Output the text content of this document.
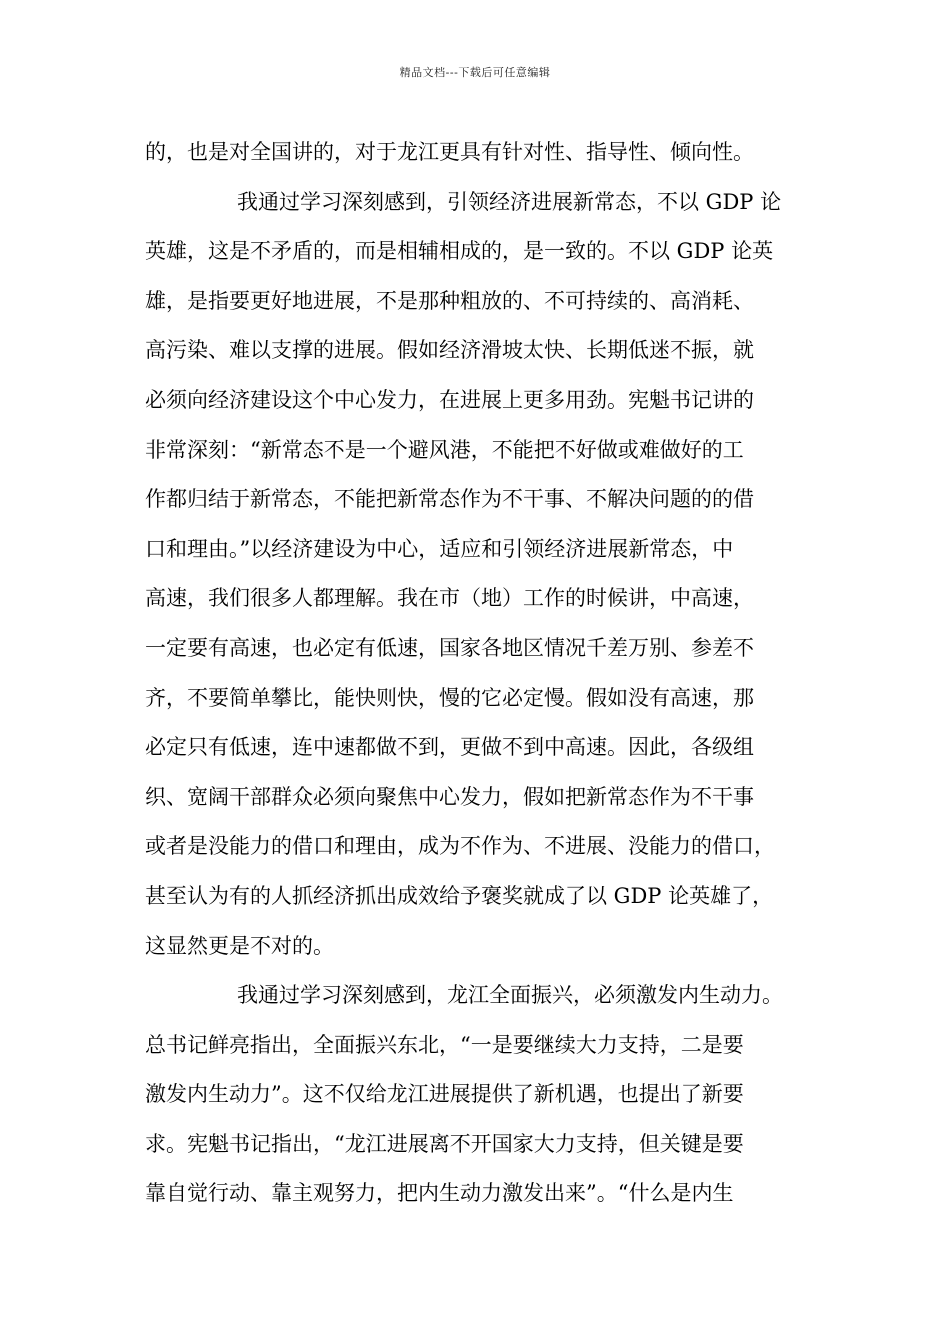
精品文档---下载后可任意编辑
的，也是对全国讲的，对于龙江更具有针对性、指导性、倾向性。
我通过学习深刻感到，引领经济进展新常态，不以 GDP 论
英雄，这是不矛盾的，而是相辅相成的，是一致的。不以 GDP 论英
雄，是指要更好地进展，不是那种粗放的、不可持续的、高消耗、
高污染、难以支撑的进展。假如经济滑坡太快、长期低迷不振，就
必须向经济建设这个中心发力，在进展上更多用劲。宪魁书记讲的
非常深刻：“新常态不是一个避风港，不能把不好做或难做好的工
作都归结于新常态，不能把新常态作为不干事、不解决问题的的借
口和理由。”以经济建设为中心，适应和引领经济进展新常态，中
高速，我们很多人都理解。我在市（地）工作的时候讲，中高速，
一定要有高速，也必定有低速，国家各地区情况千差万别、参差不
齐，不要简单攀比，能快则快，慢的它必定慢。假如没有高速，那
必定只有低速，连中速都做不到，更做不到中高速。因此，各级组
织、宽阔干部群众必须向聚焦中心发力，假如把新常态作为不干事
或者是没能力的借口和理由，成为不作为、不进展、没能力的借口，
甚至认为有的人抓经济抓出成效给予褒奖就成了以 GDP 论英雄了，
这显然更是不对的。
我通过学习深刻感到，龙江全面振兴，必须激发内生动力。
总书记鲜亮指出，全面振兴东北，“一是要继续大力支持，二是要
激发内生动力”。这不仅给龙江进展提供了新机遇，也提出了新要
求。宪魁书记指出，“龙江进展离不开国家大力支持，但关键是要
靠自觉行动、靠主观努力，把内生动力激发出来”。“什么是内生
